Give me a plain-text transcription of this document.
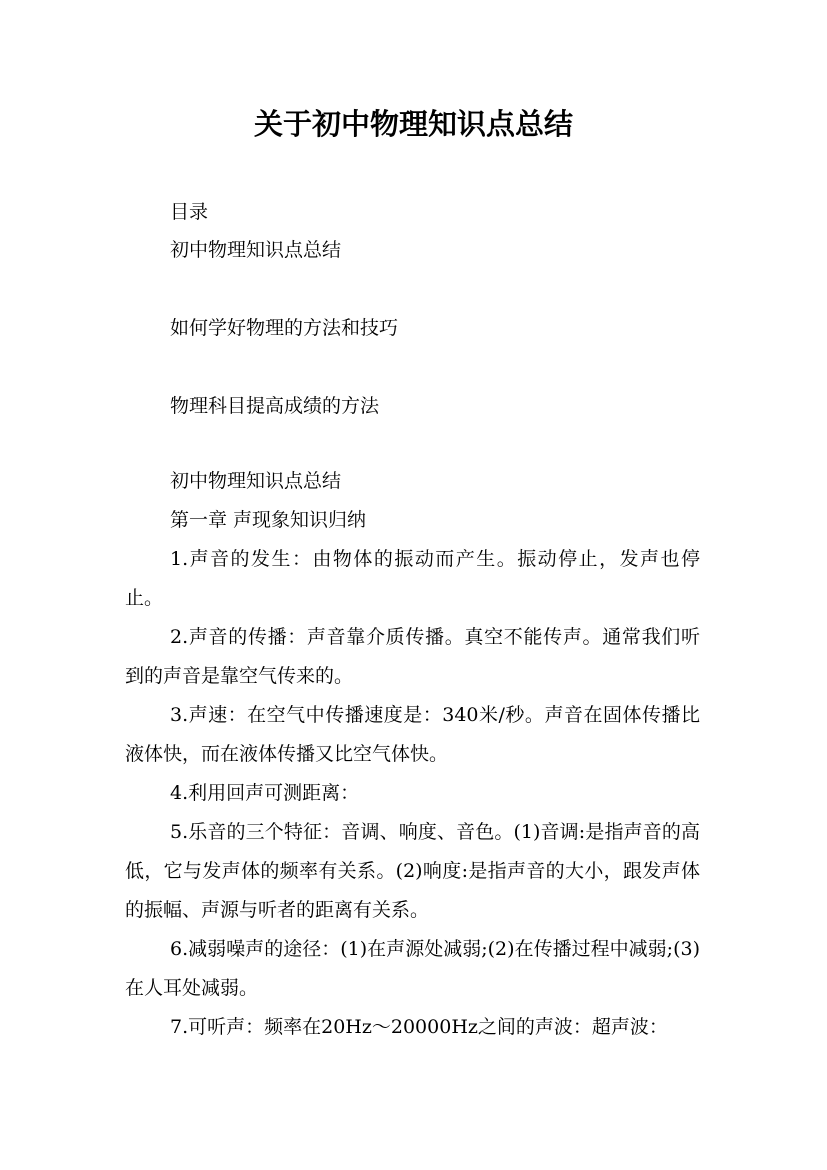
关于初中物理知识点总结
目录
初中物理知识点总结
如何学好物理的方法和技巧
物理科目提高成绩的方法

初中物理知识点总结

第一章 声现象知识归纳

1.声音的发生：由物体的振动而产生。振动停止，发声也停止。

2.声音的传播：声音靠介质传播。真空不能传声。通常我们听到的声音是靠空气传来的。

3.声速：在空气中传播速度是：340米/秒。声音在固体传播比液体快，而在液体传播又比空气体快。

4.利用回声可测距离：

5.乐音的三个特征：音调、响度、音色。(1)音调:是指声音的高低，它与发声体的频率有关系。(2)响度:是指声音的大小，跟发声体的振幅、声源与听者的距离有关系。

6.减弱噪声的途径：(1)在声源处减弱;(2)在传播过程中减弱;(3)在人耳处减弱。

7.可听声：频率在20Hz～20000Hz之间的声波：超声波：
